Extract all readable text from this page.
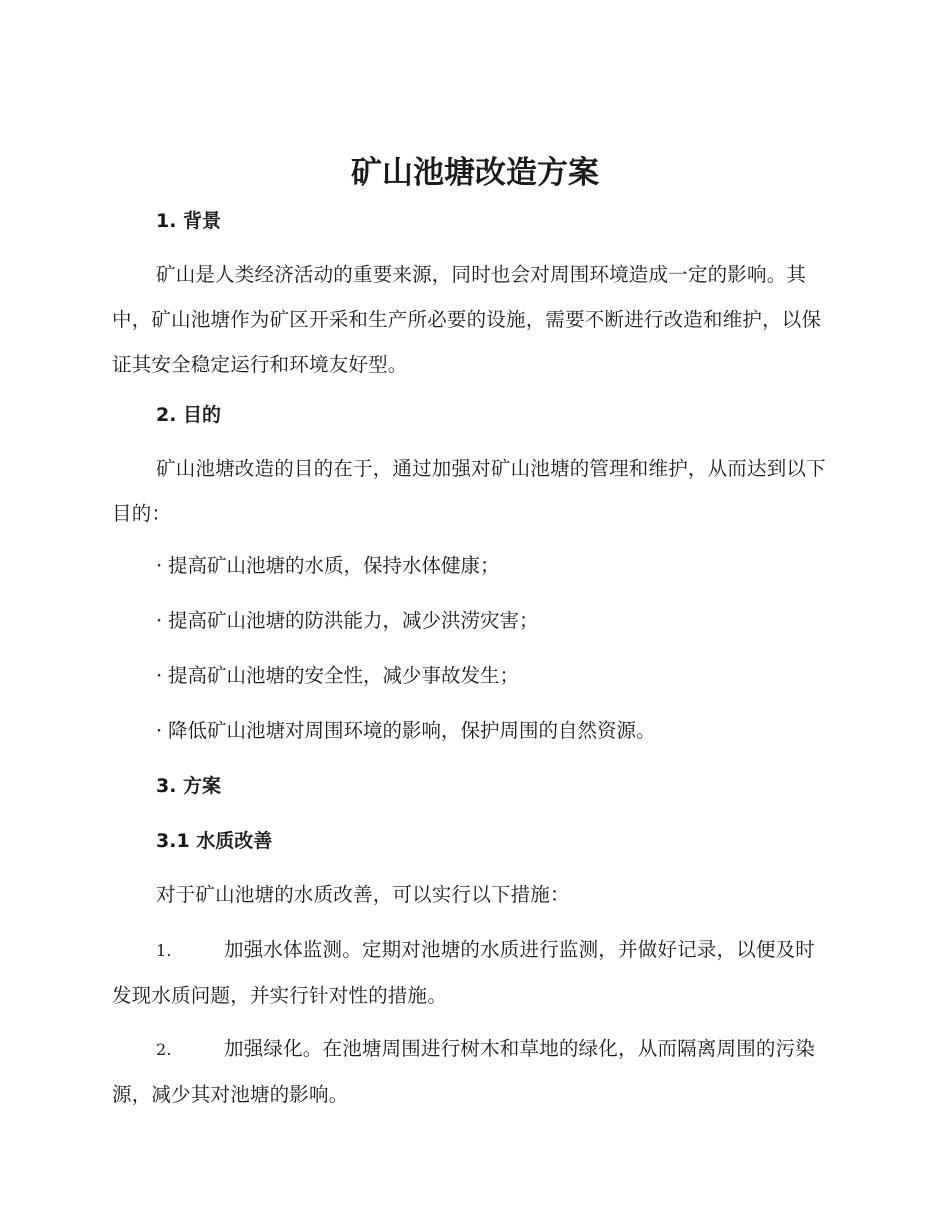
矿山池塘改造方案
1. 背景

矿山是人类经济活动的重要来源，同时也会对周围环境造成一定的影响。其中，矿山池塘作为矿区开采和生产所必要的设施，需要不断进行改造和维护，以保证其安全稳定运行和环境友好型。

2. 目的

矿山池塘改造的目的在于，通过加强对矿山池塘的管理和维护，从而达到以下目的：

· 提高矿山池塘的水质，保持水体健康；

· 提高矿山池塘的防洪能力，减少洪涝灾害；

· 提高矿山池塘的安全性，减少事故发生；

· 降低矿山池塘对周围环境的影响，保护周围的自然资源。

3. 方案
3.1 水质改善

对于矿山池塘的水质改善，可以实行以下措施：

1.	加强水体监测。定期对池塘的水质进行监测，并做好记录，以便及时发现水质问题，并实行针对性的措施。

2.	加强绿化。在池塘周围进行树木和草地的绿化，从而隔离周围的污染源，减少其对池塘的影响。
